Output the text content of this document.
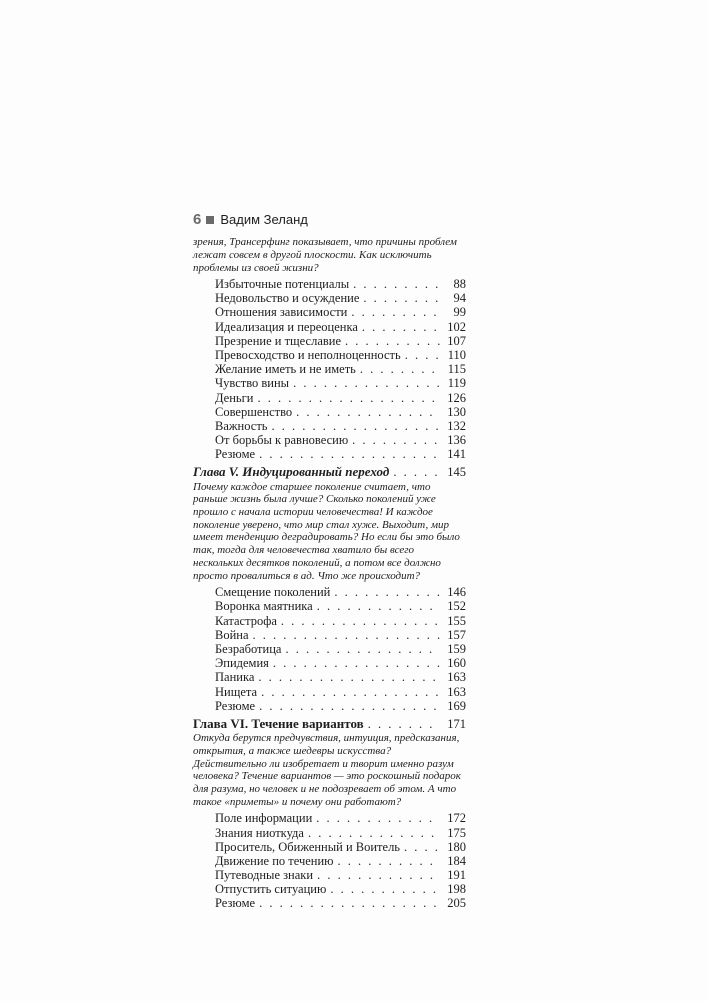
6 Вадим Зеланд
зрения, Трансерфинг показывает, что причины проблем лежат совсем в другой плоскости. Как исключить проблемы из своей жизни?
Избыточные потенциалы . . .	88
Недовольство и осуждение . . .	94
Отношения зависимости . . .	99
Идеализация и переоценка . . .	102
Презрение и тщеславие . . .	107
Превосходство и неполноценность . . .	110
Желание иметь и не иметь . . .	115
Чувство вины . . .	119
Деньги . . .	126
Совершенство . . .	130
Важность . . .	132
От борьбы к равновесию . . .	136
Резюме . . .	141
Глава V. Индуцированный переход . . .	145
Почему каждое старшее поколение считает, что раньше жизнь была лучше? Сколько поколений уже прошло с начала истории человечества! И каждое поколение уверено, что мир стал хуже. Выходит, мир имеет тенденцию деградировать? Но если бы это было так, тогда для человечества хватило бы всего нескольких десятков поколений, а потом все должно просто провалиться в ад. Что же происходит?
Смещение поколений . . .	146
Воронка маятника . . .	152
Катастрофа . . .	155
Война . . .	157
Безработица . . .	159
Эпидемия . . .	160
Паника . . .	163
Нищета . . .	163
Резюме . . .	169
Глава VI. Течение вариантов . . .	171
Откуда берутся предчувствия, интуиция, предсказания, открытия, а также шедевры искусства? Действительно ли изобретает и творит именно разум человека? Течение вариантов — это роскошный подарок для разума, но человек и не подозревает об этом. А что такое «приметы» и почему они работают?
Поле информации . . .	172
Знания ниоткуда . . .	175
Проситель, Обиженный и Воитель . . .	180
Движение по течению . . .	184
Путеводные знаки . . .	191
Отпустить ситуацию . . .	198
Резюме . . .	205
